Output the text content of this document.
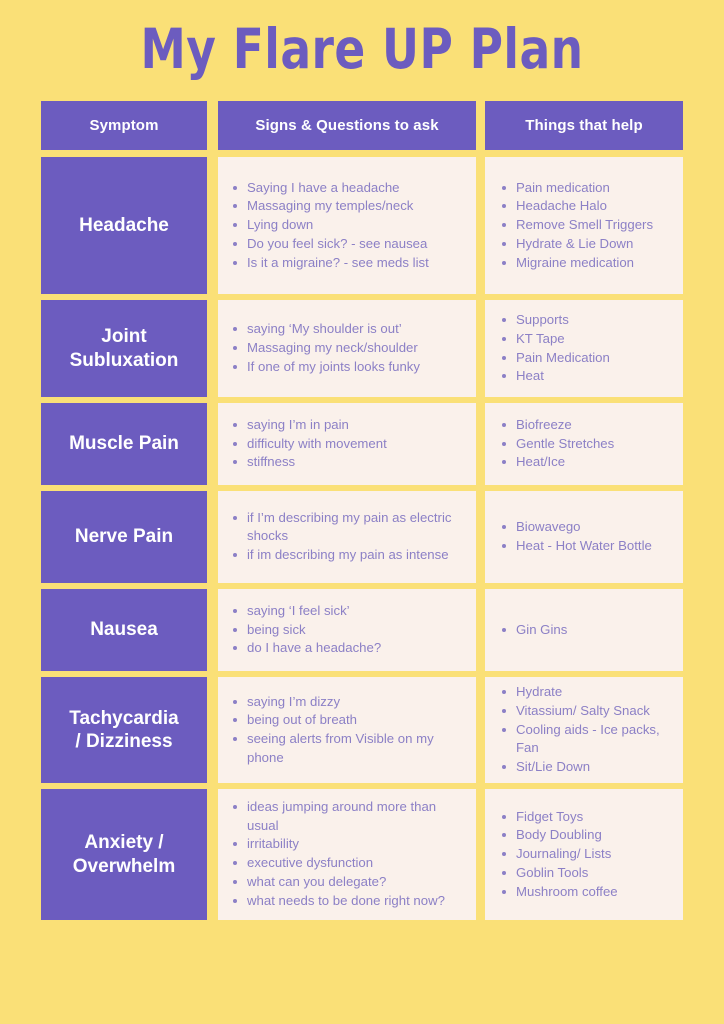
My Flare UP Plan
Symptom	Signs & Questions to ask	Things that help
Headache
Saying I have a headache
Massaging my temples/neck
Lying down
Do you feel sick? - see nausea
Is it a migraine? - see meds list
Pain medication
Headache Halo
Remove Smell Triggers
Hydrate & Lie Down
Migraine medication
Joint
Subluxation
saying ‘My shoulder is out’
Massaging my neck/shoulder
If one of my joints looks funky
Supports
KT Tape
Pain Medication
Heat
Muscle Pain
saying I’m in pain
difficulty with movement
stiffness
Biofreeze
Gentle Stretches
Heat/Ice
Nerve Pain
if I’m describing my pain as electric shocks
if im describing my pain as intense
Biowavego
Heat - Hot Water Bottle
Nausea
saying ‘I feel sick’
being sick
do I have a headache?
Gin Gins
Tachycardia
/ Dizziness
saying I’m dizzy
being out of breath
seeing alerts from Visible on my phone
Hydrate
Vitassium/ Salty Snack
Cooling aids - Ice packs, Fan
Sit/Lie Down
Anxiety /
Overwhelm
ideas jumping around more than usual
irritability
executive dysfunction
what can you delegate?
what needs to be done right now?
Fidget Toys
Body Doubling
Journaling/ Lists
Goblin Tools
Mushroom coffee
